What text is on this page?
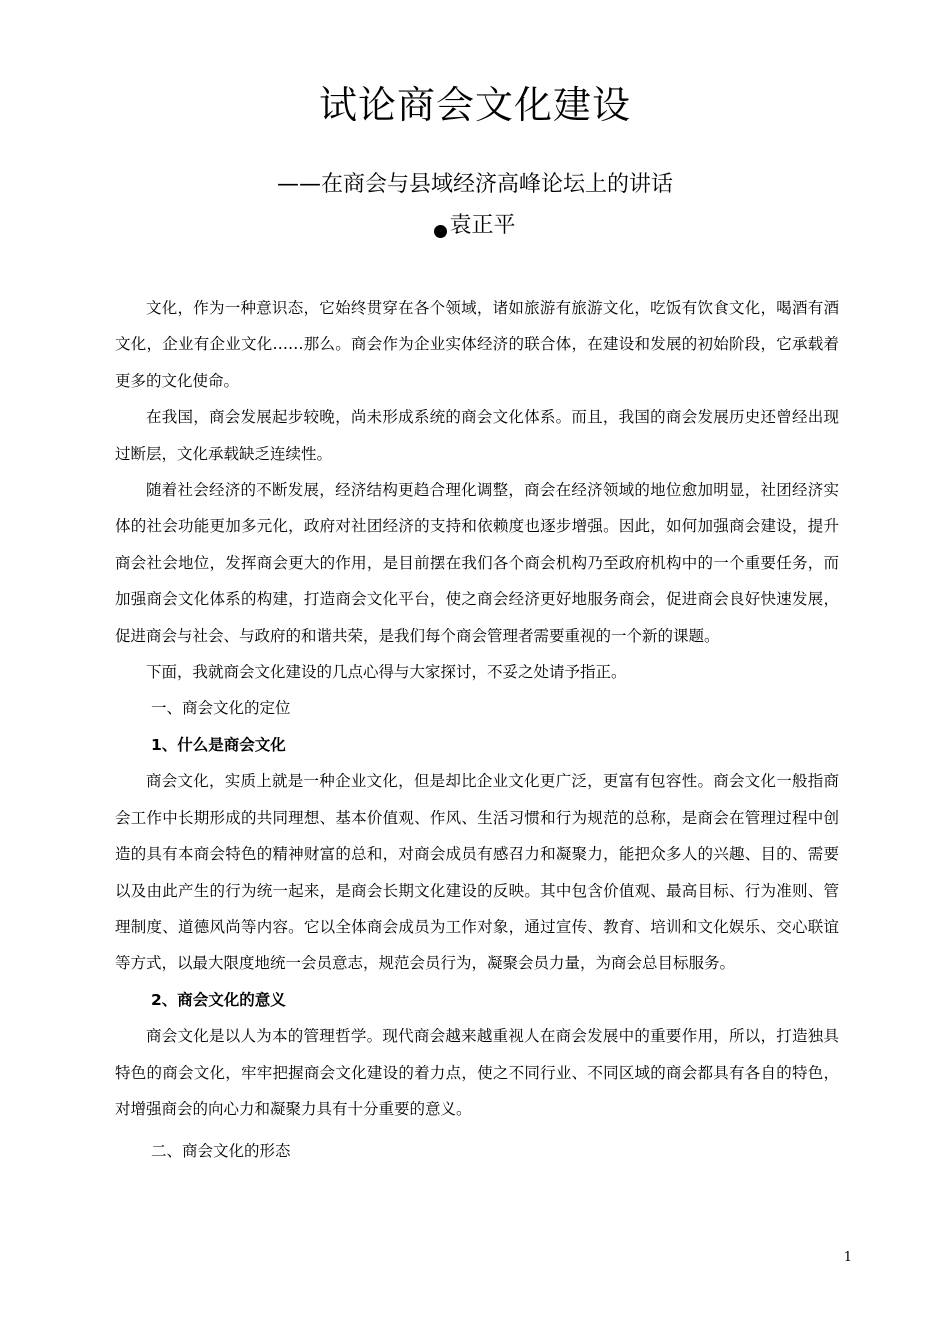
试论商会文化建设
——在商会与县域经济高峰论坛上的讲话
袁正平

文化，作为一种意识态，它始终贯穿在各个领域，诸如旅游有旅游文化，吃饭有饮食文化，喝酒有酒文化，企业有企业文化……那么。商会作为企业实体经济的联合体，在建设和发展的初始阶段，它承载着更多的文化使命。

在我国，商会发展起步较晚，尚未形成系统的商会文化体系。而且，我国的商会发展历史还曾经出现过断层，文化承载缺乏连续性。

随着社会经济的不断发展，经济结构更趋合理化调整，商会在经济领域的地位愈加明显，社团经济实体的社会功能更加多元化，政府对社团经济的支持和依赖度也逐步增强。因此，如何加强商会建设，提升商会社会地位，发挥商会更大的作用，是目前摆在我们各个商会机构乃至政府机构中的一个重要任务，而加强商会文化体系的构建，打造商会文化平台，使之商会经济更好地服务商会，促进商会良好快速发展，促进商会与社会、与政府的和谐共荣，是我们每个商会管理者需要重视的一个新的课题。

下面，我就商会文化建设的几点心得与大家探讨，不妥之处请予指正。

一、商会文化的定位
1、什么是商会文化

商会文化，实质上就是一种企业文化，但是却比企业文化更广泛，更富有包容性。商会文化一般指商会工作中长期形成的共同理想、基本价值观、作风、生活习惯和行为规范的总称，是商会在管理过程中创造的具有本商会特色的精神财富的总和，对商会成员有感召力和凝聚力，能把众多人的兴趣、目的、需要以及由此产生的行为统一起来，是商会长期文化建设的反映。其中包含价值观、最高目标、行为准则、管理制度、道德风尚等内容。它以全体商会成员为工作对象，通过宣传、教育、培训和文化娱乐、交心联谊等方式，以最大限度地统一会员意志，规范会员行为，凝聚会员力量，为商会总目标服务。

2、商会文化的意义

商会文化是以人为本的管理哲学。现代商会越来越重视人在商会发展中的重要作用，所以，打造独具特色的商会文化，牢牢把握商会文化建设的着力点，使之不同行业、不同区域的商会都具有各自的特色，对增强商会的向心力和凝聚力具有十分重要的意义。

二、商会文化的形态
1
